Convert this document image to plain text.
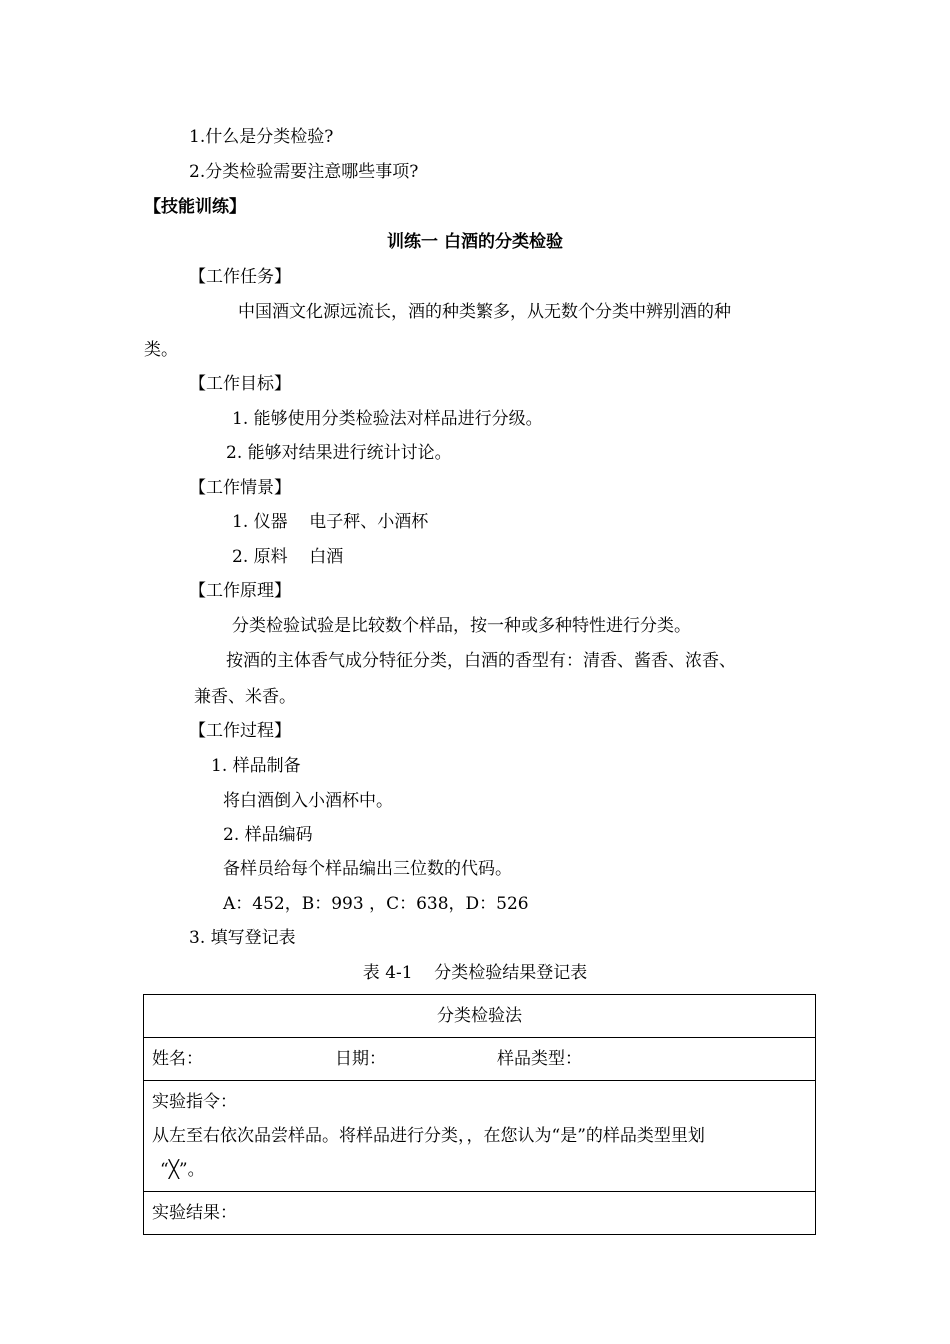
1.什么是分类检验?
2.分类检验需要注意哪些事项?
【技能训练】
训练一 白酒的分类检验
【工作任务】
中国酒文化源远流长，酒的种类繁多，从无数个分类中辨别酒的种
类。
【工作目标】
1. 能够使用分类检验法对样品进行分级。
2. 能够对结果进行统计讨论。
【工作情景】
1. 仪器    电子秤、小酒杯
2. 原料    白酒
【工作原理】
分类检验试验是比较数个样品，按一种或多种特性进行分类。
按酒的主体香气成分特征分类，白酒的香型有：清香、酱香、浓香、
兼香、米香。
【工作过程】
1. 样品制备
将白酒倒入小酒杯中。
2. 样品编码
备样员给每个样品编出三位数的代码。
A：452，B：993 ，C：638，D：526
3. 填写登记表
表 4-1    分类检验结果登记表
分类检验法
姓名：	日期：	样品类型：

实验指令：
从左至右依次品尝样品。将样品进行分类，，在您认为“是”的样品类型里划
“╳”。

实验结果：
